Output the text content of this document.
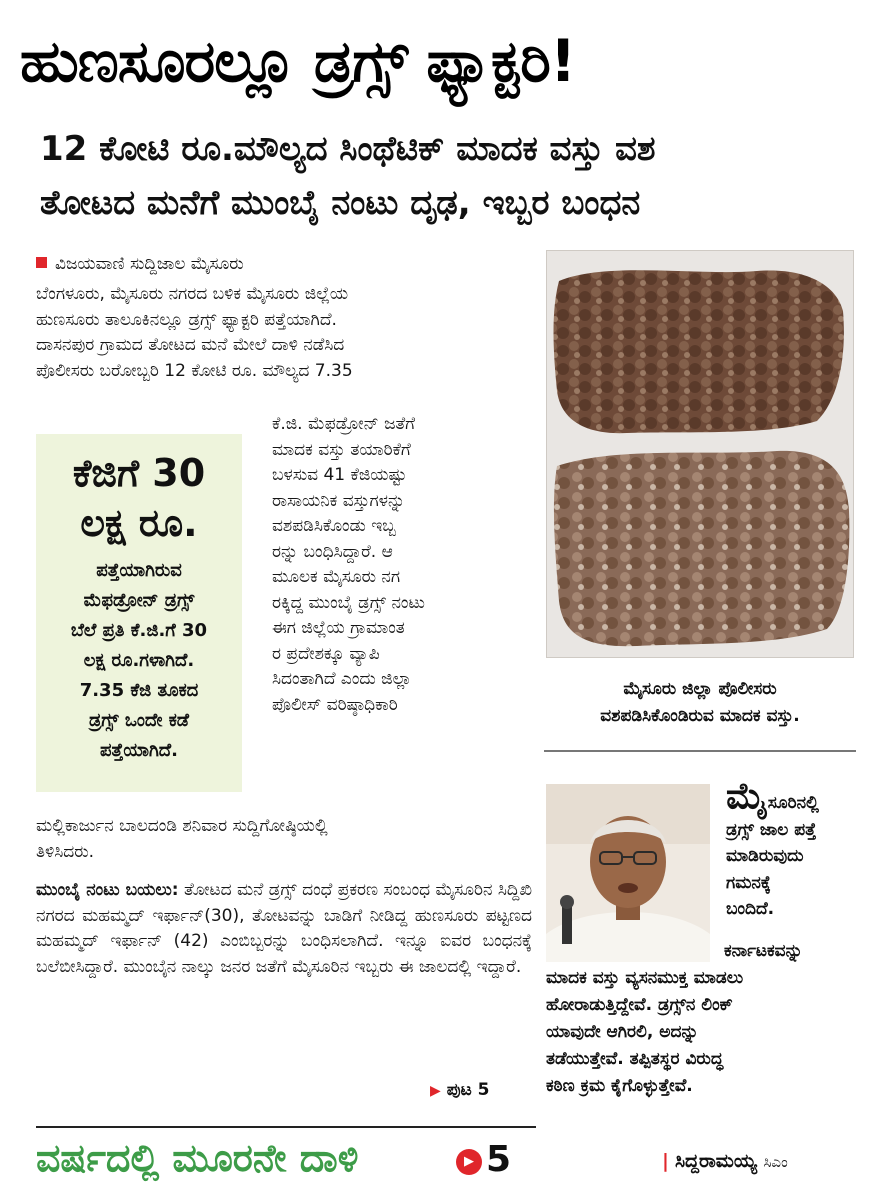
ಹುಣಸೂರಲ್ಲೂ ಡ್ರಗ್ಸ್ ಫ್ಯಾಕ್ಟರಿ!
12 ಕೋಟಿ ರೂ.ಮೌಲ್ಯದ ಸಿಂಥೆಟಿಕ್ ಮಾದಕ ವಸ್ತು ವಶ
ತೋಟದ ಮನೆಗೆ ಮುಂಬೈ ನಂಟು ದೃಢ, ಇಬ್ಬರ ಬಂಧನ
ವಿಜಯವಾಣಿ ಸುದ್ದಿಜಾಲ ಮೈಸೂರು
ಬೆಂಗಳೂರು, ಮೈಸೂರು ನಗರದ ಬಳಿಕ ಮೈಸೂರು ಜಿಲ್ಲೆಯ
ಹುಣಸೂರು ತಾಲೂಕಿನಲ್ಲೂ ಡ್ರಗ್ಸ್ ಫ್ಯಾಕ್ಟರಿ ಪತ್ತೆಯಾಗಿದೆ.
ದಾಸನಪುರ ಗ್ರಾಮದ ತೋಟದ ಮನೆ ಮೇಲೆ ದಾಳಿ ನಡೆಸಿದ
ಪೊಲೀಸರು ಬರೋಬ್ಬರಿ 12 ಕೋಟಿ ರೂ. ಮೌಲ್ಯದ 7.35
ಕೆ.ಜಿ. ಮೆಫಡ್ರೋನ್ ಜತೆಗೆ
ಮಾದಕ ವಸ್ತು ತಯಾರಿಕೆಗೆ
ಬಳಸುವ 41 ಕೆಜಿಯಷ್ಟು
ರಾಸಾಯನಿಕ ವಸ್ತುಗಳನ್ನು
ವಶಪಡಿಸಿಕೊಂಡು ಇಬ್ಬ
ರನ್ನು ಬಂಧಿಸಿದ್ದಾರೆ. ಆ
ಮೂಲಕ ಮೈಸೂರು ನಗ
ರಕ್ಕಿದ್ದ ಮುಂಬೈ ಡ್ರಗ್ಸ್ ನಂಟು
ಈಗ ಜಿಲ್ಲೆಯ ಗ್ರಾಮಾಂತ
ರ ಪ್ರದೇಶಕ್ಕೂ ವ್ಯಾಪಿ
ಸಿದಂತಾಗಿದೆ ಎಂದು ಜಿಲ್ಲಾ
ಪೊಲೀಸ್ ವರಿಷ್ಠಾಧಿಕಾರಿ
ಕೆಜಿಗೆ 30
ಲಕ್ಷ ರೂ.
ಪತ್ತೆಯಾಗಿರುವ
ಮೆಫಡ್ರೋನ್ ಡ್ರಗ್ಸ್
ಬೆಲೆ ಪ್ರತಿ ಕೆ.ಜಿ.ಗೆ 30
ಲಕ್ಷ ರೂ.ಗಳಾಗಿದೆ.
7.35 ಕೆಜಿ ತೂಕದ
ಡ್ರಗ್ಸ್ ಒಂದೇ ಕಡೆ
ಪತ್ತೆಯಾಗಿದೆ.
ಮಲ್ಲಿಕಾರ್ಜುನ ಬಾಲದಂಡಿ ಶನಿವಾರ ಸುದ್ದಿಗೋಷ್ಠಿಯಲ್ಲಿ
ತಿಳಿಸಿದರು.
ಮುಂಬೈ ನಂಟು ಬಯಲು: ತೋಟದ ಮನೆ ಡ್ರಗ್ಸ್ ದಂಧೆ ಪ್ರಕರಣ ಸಂಬಂಧ ಮೈಸೂರಿನ ಸಿದ್ದಿಖಿ ನಗರದ ಮಹಮ್ಮದ್ ಇರ್ಫಾನ್(30), ತೋಟವನ್ನು ಬಾಡಿಗೆ ನೀಡಿದ್ದ ಹುಣಸೂರು ಪಟ್ಟಣದ ಮಹಮ್ಮದ್ ಇರ್ಫಾನ್ (42) ಎಂಬಿಬ್ಬರನ್ನು ಬಂಧಿಸಲಾಗಿದೆ. ಇನ್ನೂ ಐವರ ಬಂಧನಕ್ಕೆ ಬಲೆಬೀಸಿದ್ದಾರೆ. ಮುಂಬೈನ ನಾಲ್ಕು ಜನರ ಜತೆಗೆ ಮೈಸೂರಿನ ಇಬ್ಬರು ಈ ಜಾಲದಲ್ಲಿ ಇದ್ದಾರೆ.
▶ ಪುಟ 5
ವರ್ಷದಲ್ಲಿ ಮೂರನೇ ದಾಳಿ	▶ 5
ಮೈಸೂರು ಜಿಲ್ಲಾ ಪೊಲೀಸರು
ವಶಪಡಿಸಿಕೊಂಡಿರುವ ಮಾದಕ ವಸ್ತು.
ಮೈಸೂರಿನಲ್ಲಿ
ಡ್ರಗ್ಸ್ ಜಾಲ ಪತ್ತೆ
ಮಾಡಿರುವುದು
ಗಮನಕ್ಕೆ
ಬಂದಿದೆ.
ಕರ್ನಾಟಕವನ್ನು
ಮಾದಕ ವಸ್ತು ವ್ಯಸನಮುಕ್ತ ಮಾಡಲು
ಹೋರಾಡುತ್ತಿದ್ದೇವೆ. ಡ್ರಗ್ಸ್‌ನ ಲಿಂಕ್
ಯಾವುದೇ ಆಗಿರಲಿ, ಅದನ್ನು
ತಡೆಯುತ್ತೇವೆ. ತಪ್ಪಿತಸ್ಥರ ವಿರುದ್ಧ
ಕಠಿಣ ಕ್ರಮ ಕೈಗೊಳ್ಳುತ್ತೇವೆ.
| ಸಿದ್ದರಾಮಯ್ಯ ಸಿಎಂ
